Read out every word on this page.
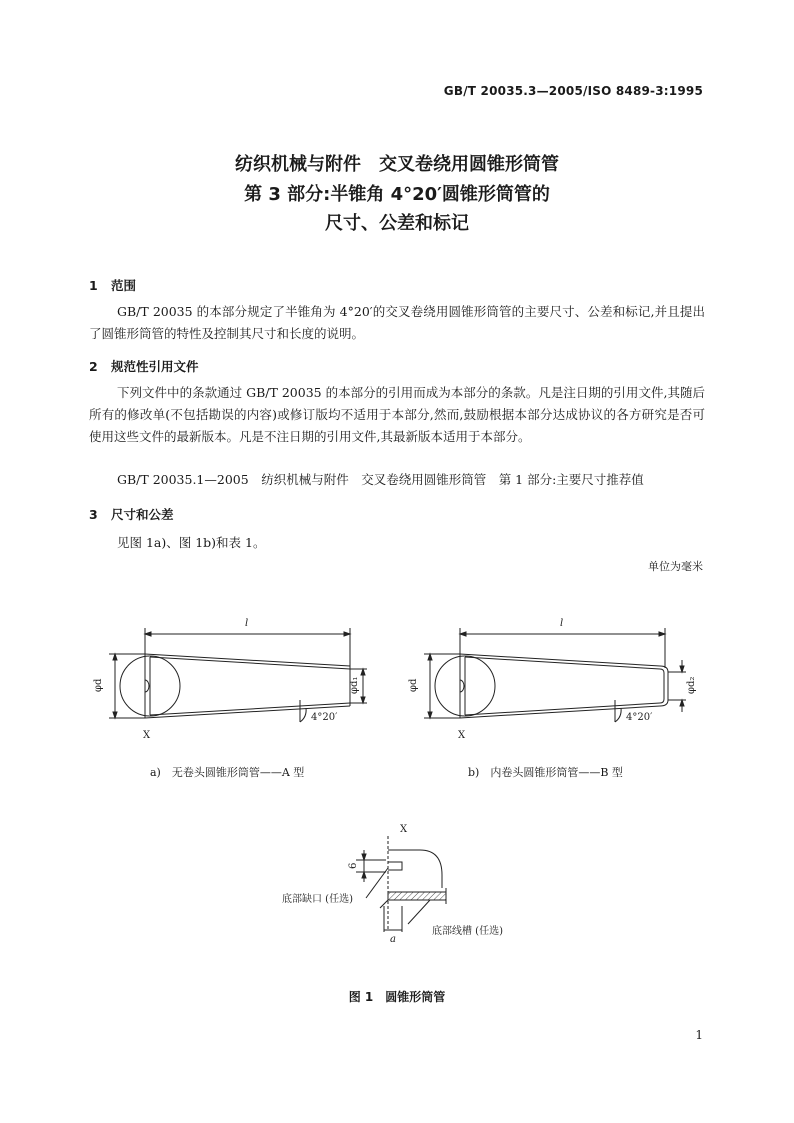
GB/T 20035.3—2005/ISO 8489-3:1995
纺织机械与附件　交叉卷绕用圆锥形筒管
第 3 部分:半锥角 4°20′圆锥形筒管的
尺寸、公差和标记
1 范围
GB/T 20035 的本部分规定了半锥角为 4°20′的交叉卷绕用圆锥形筒管的主要尺寸、公差和标记,并且提出了圆锥形筒管的特性及控制其尺寸和长度的说明。
2 规范性引用文件
下列文件中的条款通过 GB/T 20035 的本部分的引用而成为本部分的条款。凡是注日期的引用文件,其随后所有的修改单(不包括勘误的内容)或修订版均不适用于本部分,然而,鼓励根据本部分达成协议的各方研究是否可使用这些文件的最新版本。凡是不注日期的引用文件,其最新版本适用于本部分。
GB/T 20035.1—2005　纺织机械与附件　交叉卷绕用圆锥形筒管　第 1 部分:主要尺寸推荐值
3 尺寸和公差
见图 1a)、图 1b)和表 1。
单位为毫米
l
φd	φd₁
4°20′
X
l
φd	φd₂
4°20′
X
a)　无卷头圆锥形筒管——A 型	b)　内卷头圆锥形筒管——B 型
X
6
a
底部缺口 (任选)
底部线槽 (任选)
图 1　圆锥形筒管
1
